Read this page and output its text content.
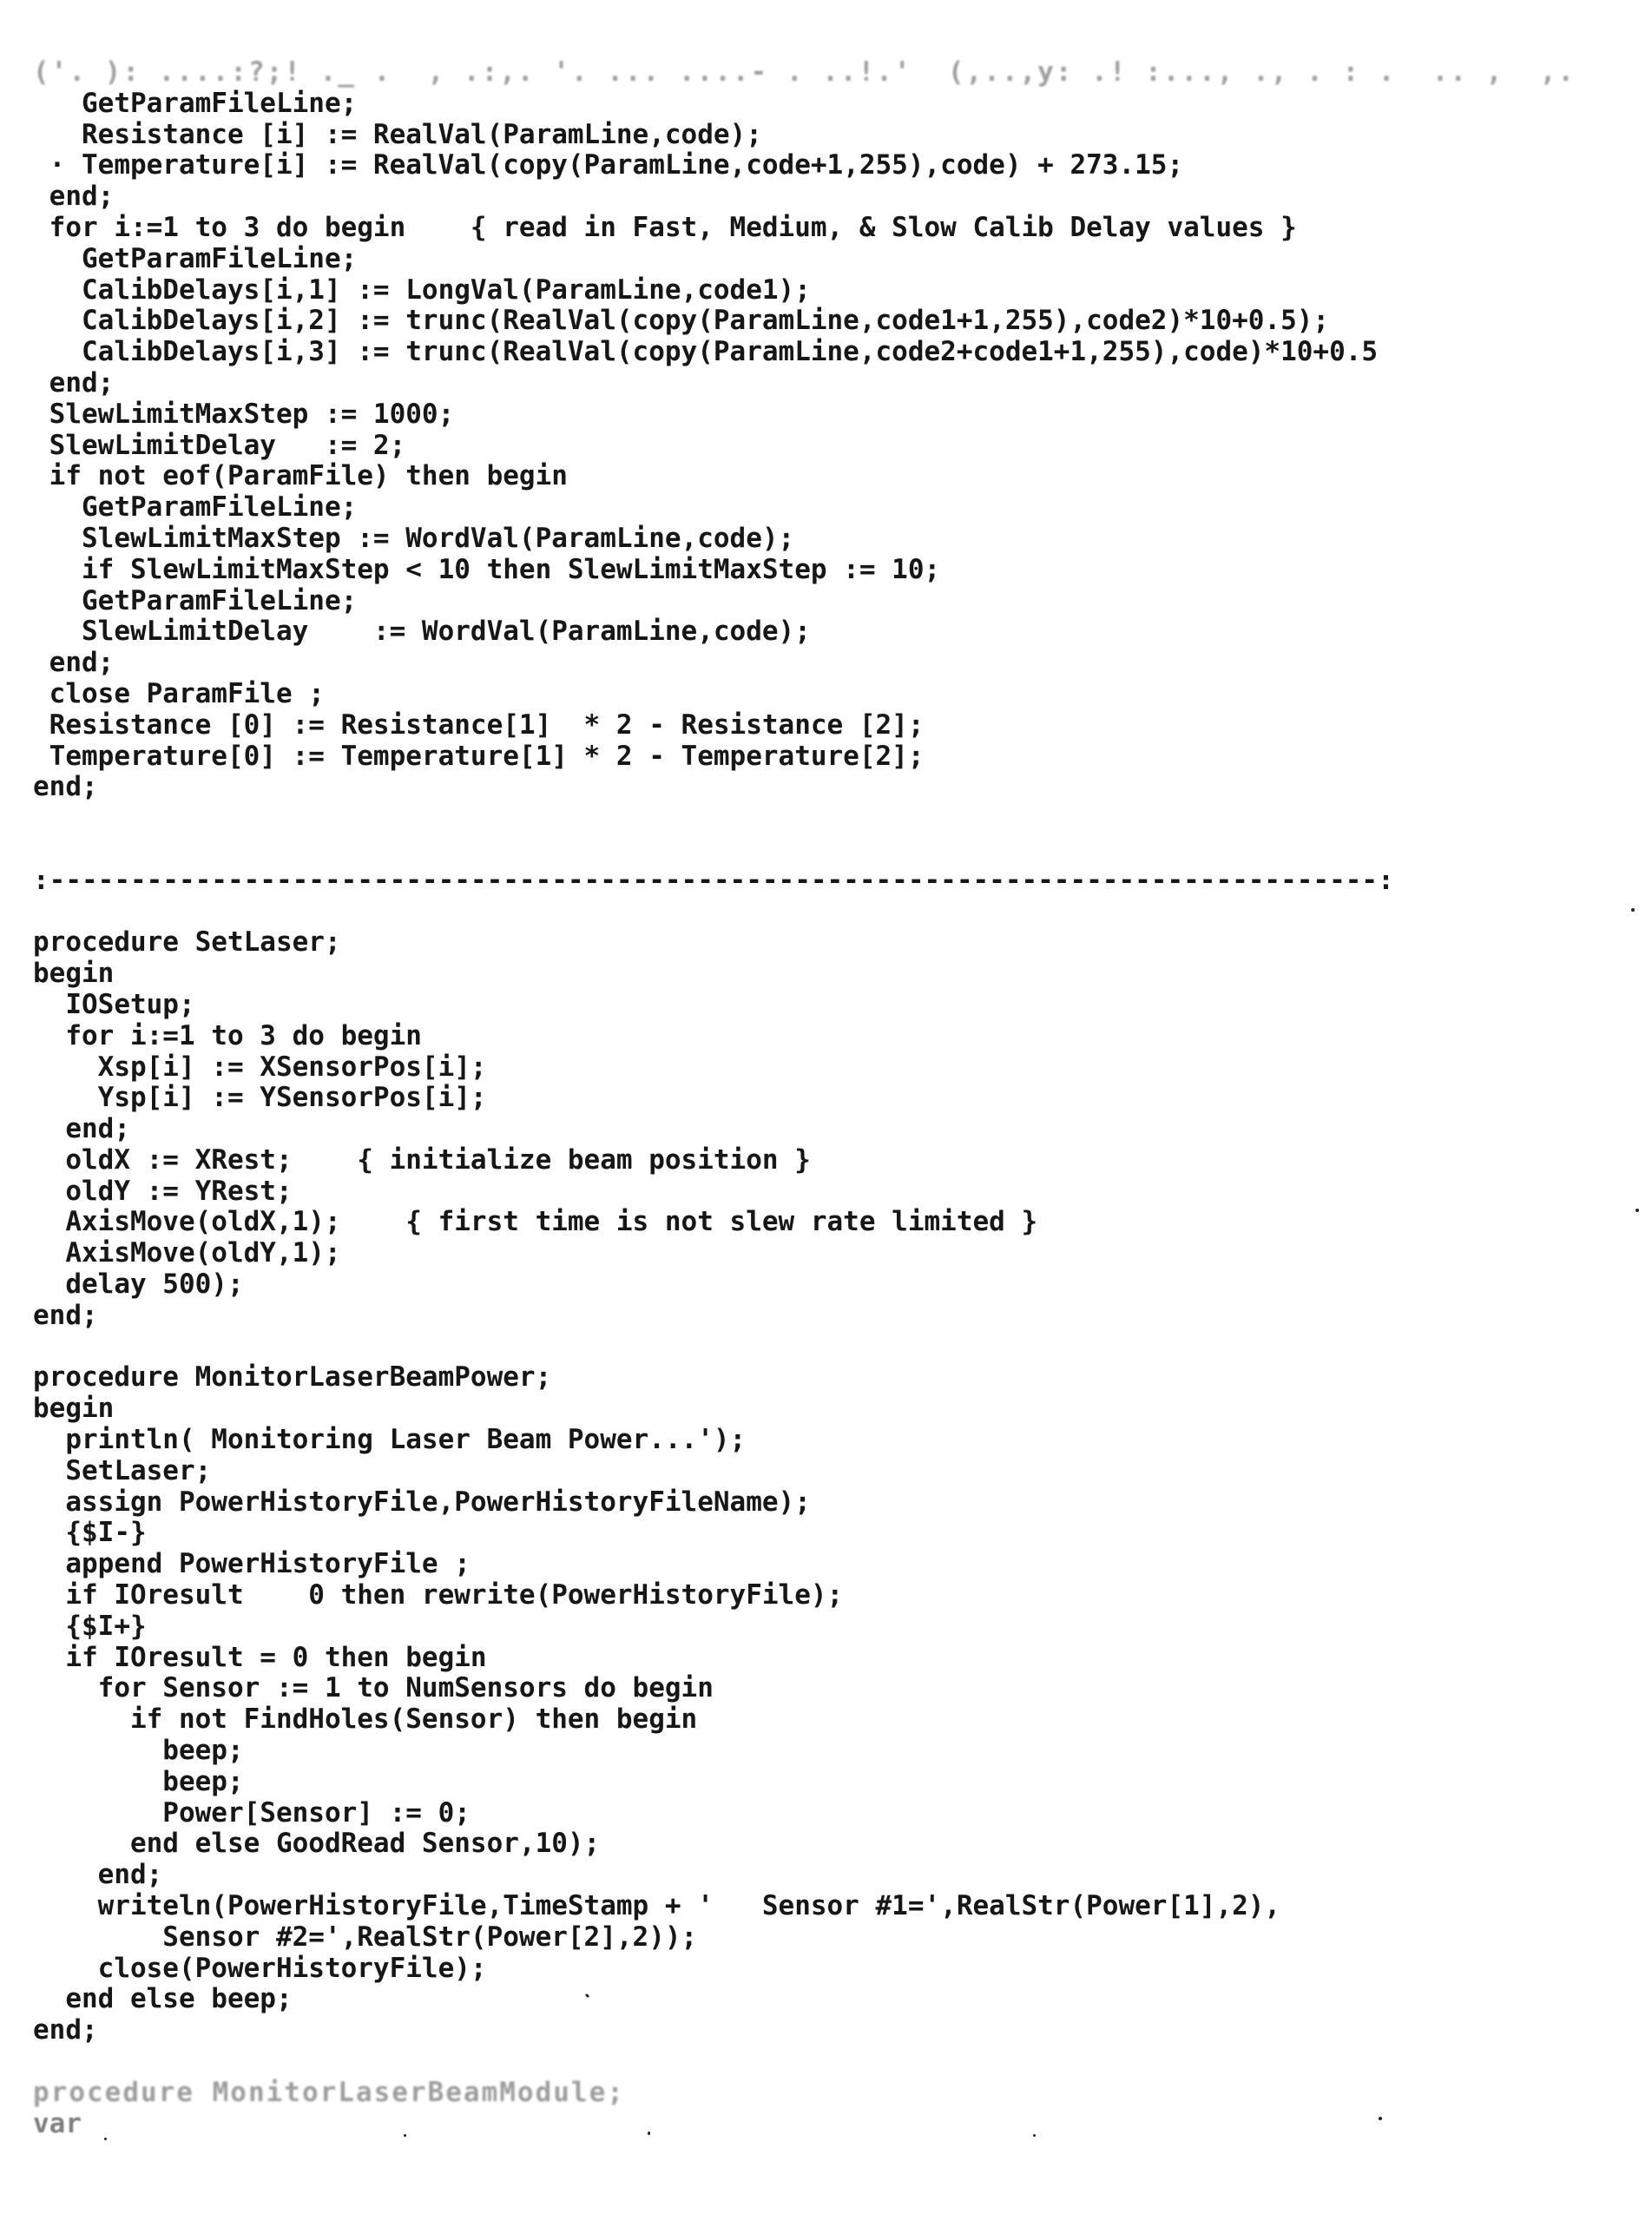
('. ): ....:?;! ._ .  , .:,. '. ... ....- . ..!.'  (,..,y: .! :..., ., . : .  .. ,  ,.
GetParamFileLine;
Resistance [i] := RealVal(ParamLine,code);
· Temperature[i] := RealVal(copy(ParamLine,code+1,255),code) + 273.15;
end;
for i:=1 to 3 do begin    { read in Fast, Medium, & Slow Calib Delay values }
GetParamFileLine;
CalibDelays[i,1] := LongVal(ParamLine,code1);
CalibDelays[i,2] := trunc(RealVal(copy(ParamLine,code1+1,255),code2)*10+0.5);
CalibDelays[i,3] := trunc(RealVal(copy(ParamLine,code2+code1+1,255),code)*10+0.5
end;
SlewLimitMaxStep := 1000;
SlewLimitDelay   := 2;
if not eof(ParamFile) then begin
GetParamFileLine;
SlewLimitMaxStep := WordVal(ParamLine,code);
if SlewLimitMaxStep < 10 then SlewLimitMaxStep := 10;
GetParamFileLine;
SlewLimitDelay    := WordVal(ParamLine,code);
end;
close ParamFile ;
Resistance [0] := Resistance[1]  * 2 - Resistance [2];
Temperature[0] := Temperature[1] * 2 - Temperature[2];
end;

:----------------------------------------------------------------------------------:

procedure SetLaser;
begin
IOSetup;
for i:=1 to 3 do begin
Xsp[i] := XSensorPos[i];
Ysp[i] := YSensorPos[i];
end;
oldX := XRest;    { initialize beam position }
oldY := YRest;
AxisMove(oldX,1);    { first time is not slew rate limited }
AxisMove(oldY,1);
delay 500);
end;

procedure MonitorLaserBeamPower;
begin
println( Monitoring Laser Beam Power...');
SetLaser;
assign PowerHistoryFile,PowerHistoryFileName);
{$I-}
append PowerHistoryFile ;
if IOresult    0 then rewrite(PowerHistoryFile);
{$I+}
if IOresult = 0 then begin
for Sensor := 1 to NumSensors do begin
if not FindHoles(Sensor) then begin
beep;
beep;
Power[Sensor] := 0;
end else GoodRead Sensor,10);
end;
writeln(PowerHistoryFile,TimeStamp + '   Sensor #1=',RealStr(Power[1],2),
Sensor #2=',RealStr(Power[2],2));
close(PowerHistoryFile);
end else beep;
end;

procedure MonitorLaserBeamModule;
var
